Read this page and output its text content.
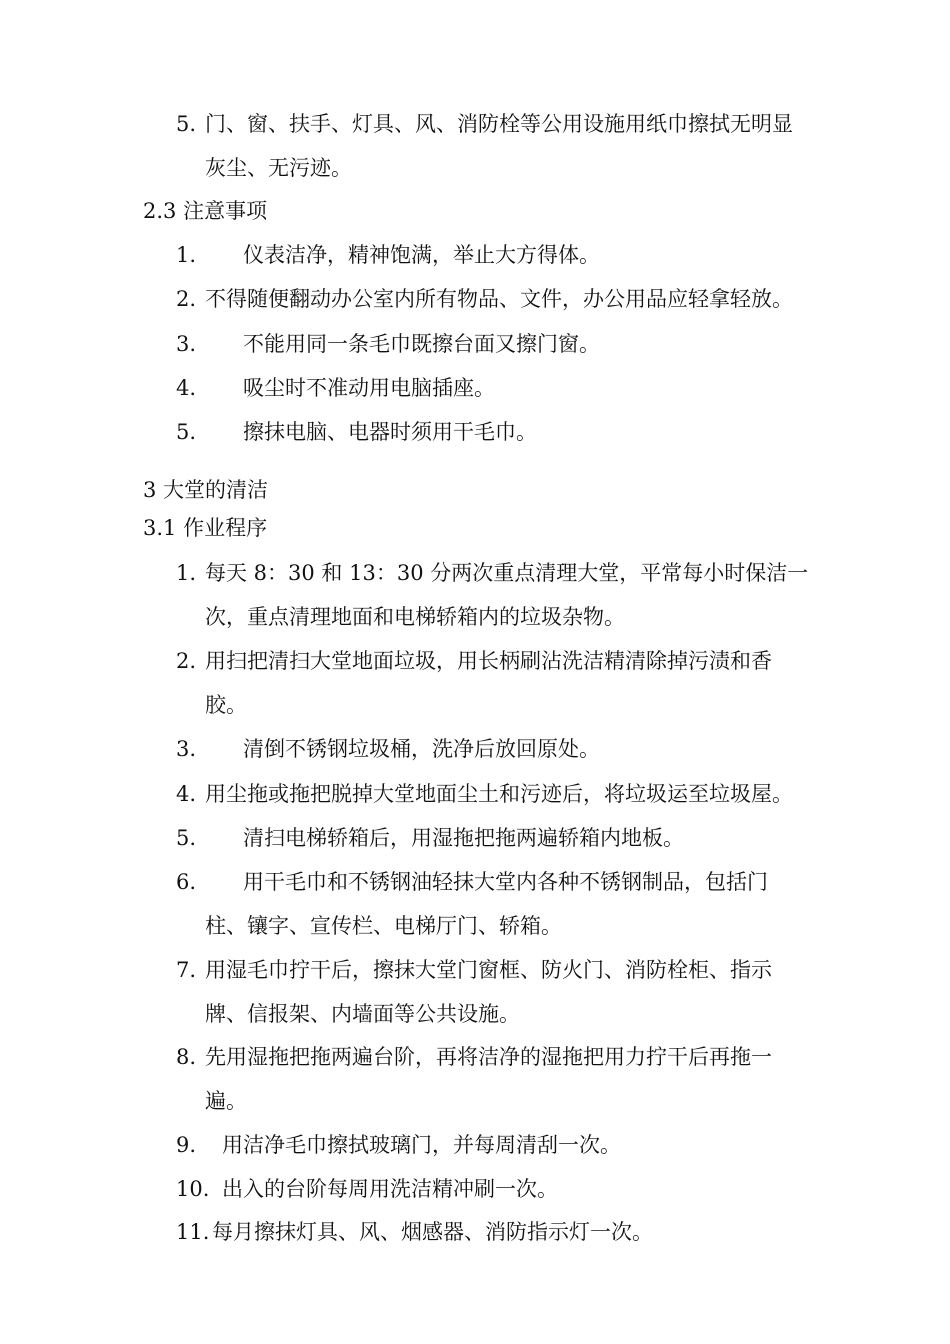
5. 门、窗、扶手、灯具、风、消防栓等公用设施用纸巾擦拭无明显
灰尘、无污迹。
2.3 注意事项
1. 仪表洁净，精神饱满，举止大方得体。
2. 不得随便翻动办公室内所有物品、文件，办公用品应轻拿轻放。
3. 不能用同一条毛巾既擦台面又擦门窗。
4. 吸尘时不准动用电脑插座。
5. 擦抹电脑、电器时须用干毛巾。
3 大堂的清洁
3.1 作业程序
1. 每天 8：30 和 13：30 分两次重点清理大堂，平常每小时保洁一
次，重点清理地面和电梯轿箱内的垃圾杂物。
2. 用扫把清扫大堂地面垃圾，用长柄刷沾洗洁精清除掉污渍和香
胶。
3. 清倒不锈钢垃圾桶，洗净后放回原处。
4. 用尘拖或拖把脱掉大堂地面尘土和污迹后，将垃圾运至垃圾屋。
5. 清扫电梯轿箱后，用湿拖把拖两遍轿箱内地板。
6. 用干毛巾和不锈钢油轻抹大堂内各种不锈钢制品，包括门
柱、镶字、宣传栏、电梯厅门、轿箱。
7. 用湿毛巾拧干后，擦抹大堂门窗框、防火门、消防栓柜、指示
牌、信报架、内墙面等公共设施。
8. 先用湿拖把拖两遍台阶，再将洁净的湿拖把用力拧干后再拖一
遍。
9. 用洁净毛巾擦拭玻璃门，并每周清刮一次。
10. 出入的台阶每周用洗洁精冲刷一次。
11. 每月擦抹灯具、风、烟感器、消防指示灯一次。
